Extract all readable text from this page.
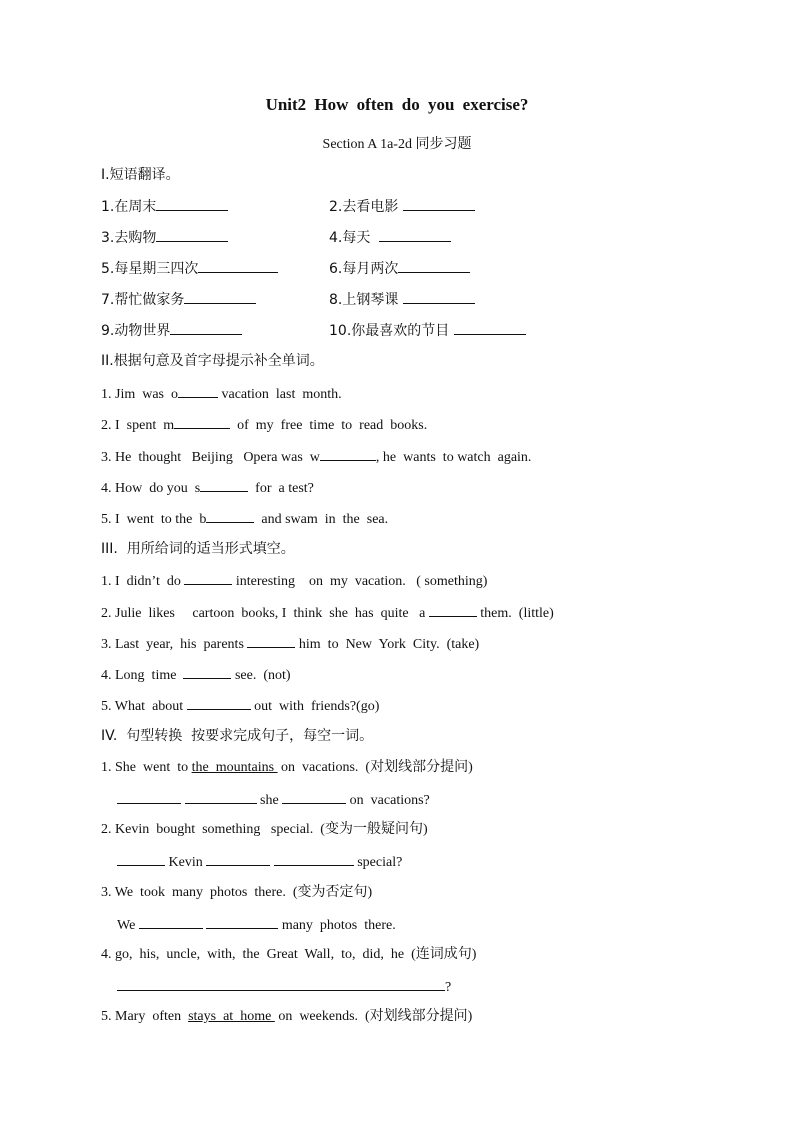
Unit2 How often do you exercise?
Section A 1a-2d 同步习题
I.短语翻译。
1.在周末	2.去看电影
3.去购物	4.每天
5.每星期三四次	6.每月两次
7.帮忙做家务	8.上钢琴课
9.动物世界	10.你最喜欢的节目
II.根据句意及首字母提示补全单词。
1. Jim  was  o	vacation  last  month.
2. I  spent  m	of  my  free  time  to  read  books.
3. He  thought   Beijing   Opera was  w	, he  wants  to watch  again.
4. How  do you  s	for  a test?
5. I  went  to the  b	and swam  in  the  sea.
III.  用所给词的适当形式填空。
1. I  didn’t  do	interesting    on  my  vacation.   ( something)
2. Julie  likes     cartoon  books, I  think  she  has  quite   a	them.  (little)
3. Last  year,  his  parents	him  to  New  York  City.  (take)
4. Long  time	see.  (not)
5. What  about	out  with  friends?(go)
IV.  句型转换  按要求完成句子，每空一词。
1. She  went  to the  mountains  on  vacations.  (对划线部分提问)
she	on  vacations?
2. Kevin  bought  something   special.  (变为一般疑问句)
Kevin	special?
3. We  took  many  photos  there.  (变为否定句)
We	many  photos  there.
4. go,  his,  uncle,  with,  the  Great  Wall,  to,  did,  he  (连词成句)
?
5. Mary  often  stays  at  home  on  weekends.  (对划线部分提问)
